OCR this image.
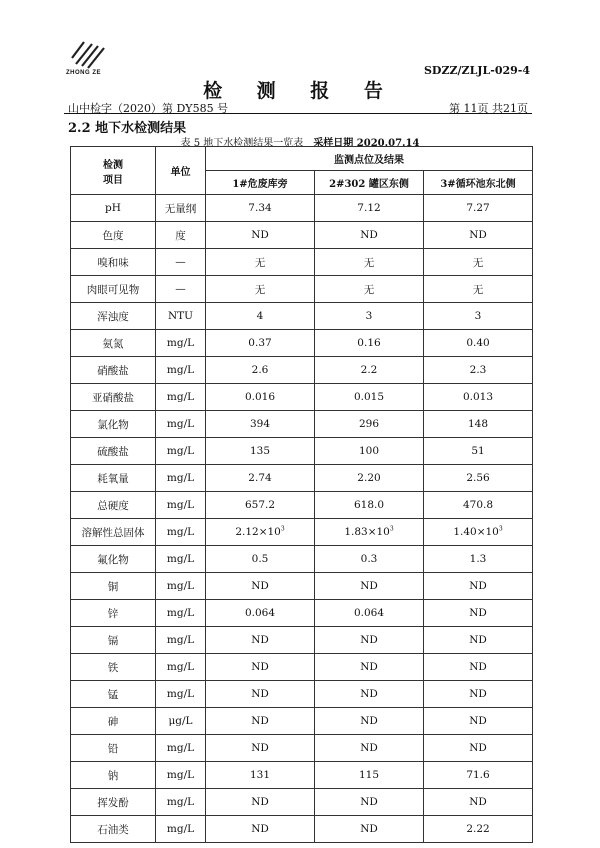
ZHONG ZE	SDZZ/ZLJL-029-4
检 测 报 告
山中检字（2020）第 DY585 号	第 11页 共21页
2.2 地下水检测结果
表 5 地下水检测结果一览表 采样日期 2020.07.14
检测
项目	单位	监测点位及结果		
		1#危废库旁	2#302 罐区东侧	3#循环池东北侧
pH	无量纲	7.34	7.12	7.27
色度	度	ND	ND	ND
嗅和味	—	无	无	无
肉眼可见物	—	无	无	无
浑浊度	NTU	4	3	3
氨氮	mg/L	0.37	0.16	0.40
硝酸盐	mg/L	2.6	2.2	2.3
亚硝酸盐	mg/L	0.016	0.015	0.013
氯化物	mg/L	394	296	148
硫酸盐	mg/L	135	100	51
耗氧量	mg/L	2.74	2.20	2.56
总硬度	mg/L	657.2	618.0	470.8
溶解性总固体	mg/L	$2.12\times 10^3$	$1.83\times 10^3$	$1.40\times 10^3$
氟化物	mg/L	0.5	0.3	1.3
铜	mg/L	ND	ND	ND
锌	mg/L	0.064	0.064	ND
镉	mg/L	ND	ND	ND
铁	mg/L	ND	ND	ND
锰	mg/L	ND	ND	ND
砷	μg/L	ND	ND	ND
铅	mg/L	ND	ND	ND
钠	mg/L	131	115	71.6
挥发酚	mg/L	ND	ND	ND
石油类	mg/L	ND	ND	2.22
